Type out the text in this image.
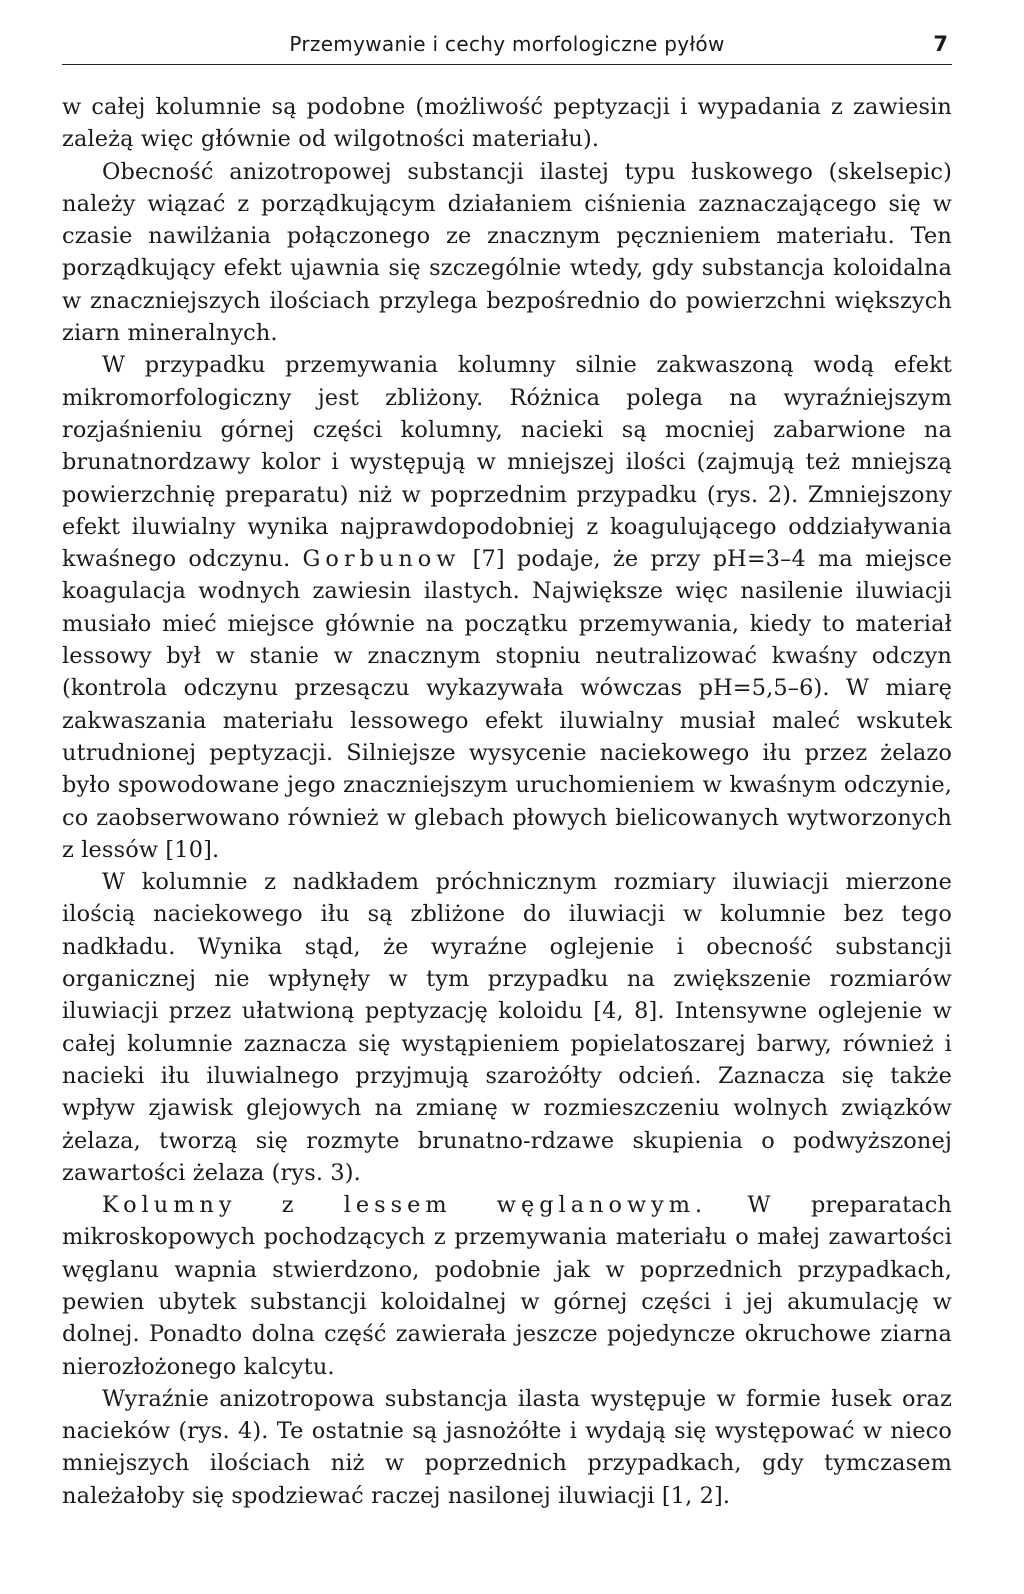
Przemywanie i cechy morfologiczne pyłów	7

w całej kolumnie są podobne (możliwość peptyzacji i wypadania z zawiesin zależą więc głównie od wilgotności materiału).

Obecność anizotropowej substancji ilastej typu łuskowego (skelsepic) należy wiązać z porządkującym działaniem ciśnienia zaznaczającego się w czasie nawilżania połączonego ze znacznym pęcznieniem materiału. Ten porządkujący efekt ujawnia się szczególnie wtedy, gdy substancja koloidalna w znaczniejszych ilościach przylega bezpośrednio do powierzchni większych ziarn mineralnych.

W przypadku przemywania kolumny silnie zakwaszoną wodą efekt mikromorfologiczny jest zbliżony. Różnica polega na wyraźniejszym rozjaśnieniu górnej części kolumny, nacieki są mocniej zabarwione na brunatnordzawy kolor i występują w mniejszej ilości (zajmują też mniejszą powierzchnię preparatu) niż w poprzednim przypadku (rys. 2). Zmniejszony efekt iluwialny wynika najprawdopodobniej z koagulującego oddziaływania kwaśnego odczynu. Gorbunow [7] podaje, że przy pH=3–4 ma miejsce koagulacja wodnych zawiesin ilastych. Największe więc nasilenie iluwiacji musiało mieć miejsce głównie na początku przemywania, kiedy to materiał lessowy był w stanie w znacznym stopniu neutralizować kwaśny odczyn (kontrola odczynu przesączu wykazywała wówczas pH=5,5–6). W miarę zakwaszania materiału lessowego efekt iluwialny musiał maleć wskutek utrudnionej peptyzacji. Silniejsze wysycenie naciekowego iłu przez żelazo było spowodowane jego znaczniejszym uruchomieniem w kwaśnym odczynie, co zaobserwowano również w glebach płowych bielicowanych wytworzonych z lessów [10].

W kolumnie z nadkładem próchnicznym rozmiary iluwiacji mierzone ilością naciekowego iłu są zbliżone do iluwiacji w kolumnie bez tego nadkładu. Wynika stąd, że wyraźne oglejenie i obecność substancji organicznej nie wpłynęły w tym przypadku na zwiększenie rozmiarów iluwiacji przez ułatwioną peptyzację koloidu [4, 8]. Intensywne oglejenie w całej kolumnie zaznacza się wystąpieniem popielatoszarej barwy, również i nacieki iłu iluwialnego przyjmują szarożółty odcień. Zaznacza się także wpływ zjawisk glejowych na zmianę w rozmieszczeniu wolnych związków żelaza, tworzą się rozmyte brunatno-rdzawe skupienia o podwyższonej zawartości żelaza (rys. 3).

Kolumny z lessem węglanowym. W preparatach mikroskopowych pochodzących z przemywania materiału o małej zawartości węglanu wapnia stwierdzono, podobnie jak w poprzednich przypadkach, pewien ubytek substancji koloidalnej w górnej części i jej akumulację w dolnej. Ponadto dolna część zawierała jeszcze pojedyncze okruchowe ziarna nierozłożonego kalcytu.

Wyraźnie anizotropowa substancja ilasta występuje w formie łusek oraz nacieków (rys. 4). Te ostatnie są jasnożółte i wydają się występować w nieco mniejszych ilościach niż w poprzednich przypadkach, gdy tymczasem należałoby się spodziewać raczej nasilonej iluwiacji [1, 2].
